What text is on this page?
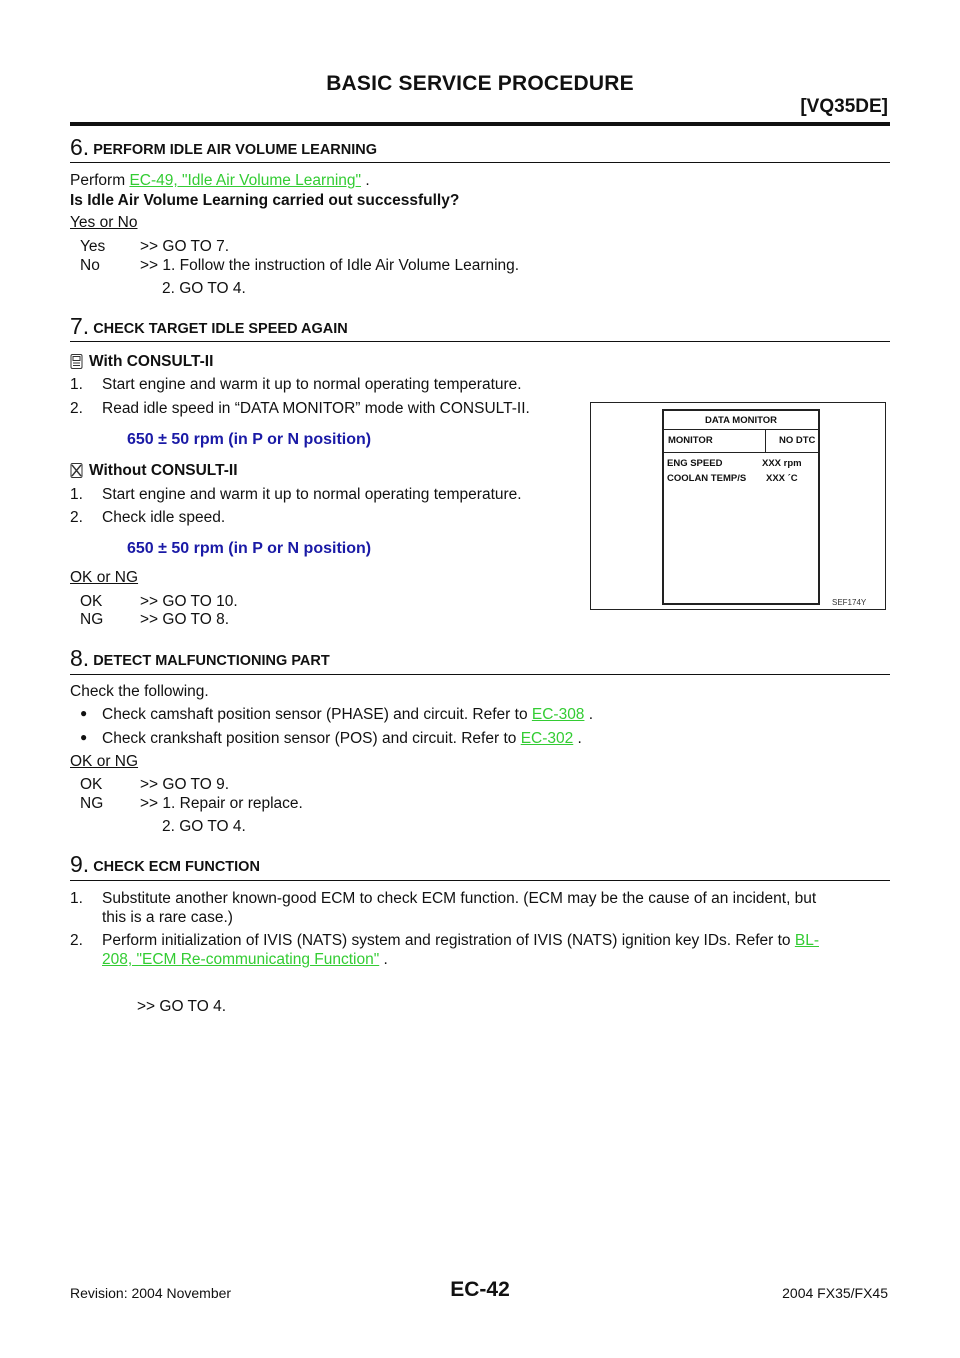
BASIC SERVICE PROCEDURE
[VQ35DE]
6. PERFORM IDLE AIR VOLUME LEARNING
Perform EC-49, "Idle Air Volume Learning" .
Is Idle Air Volume Learning carried out successfully?
Yes or No
Yes >> GO TO 7.
No	>> 1. Follow the instruction of Idle Air Volume Learning.
2. GO TO 4.
7. CHECK TARGET IDLE SPEED AGAIN
With CONSULT-II
1. Start engine and warm it up to normal operating temperature.
2. Read idle speed in “DATA MONITOR” mode with CONSULT-II.
650 ± 50 rpm (in P or N position)
Without CONSULT-II
1. Start engine and warm it up to normal operating temperature.
2. Check idle speed.
650 ± 50 rpm (in P or N position)
OK or NG
OK >> GO TO 10.
NG >> GO TO 8.
DATA MONITOR
MONITOR	NO DTC
ENG SPEED	XXX rpm
COOLAN TEMP/S XXX ´C
SEF174Y
8. DETECT MALFUNCTIONING PART
Check the following.
● Check camshaft position sensor (PHASE) and circuit. Refer to EC-308 .
● Check crankshaft position sensor (POS) and circuit. Refer to EC-302 .
OK or NG
OK >> GO TO 9.
NG >> 1. Repair or replace.
2. GO TO 4.
9. CHECK ECM FUNCTION
1. Substitute another known-good ECM to check ECM function. (ECM may be the cause of an incident, but
this is a rare case.)
2. Perform initialization of IVIS (NATS) system and registration of IVIS (NATS) ignition key IDs. Refer to BL-
208, "ECM Re-communicating Function" .
>> GO TO 4.
Revision: 2004 November	EC-42	2004 FX35/FX45
